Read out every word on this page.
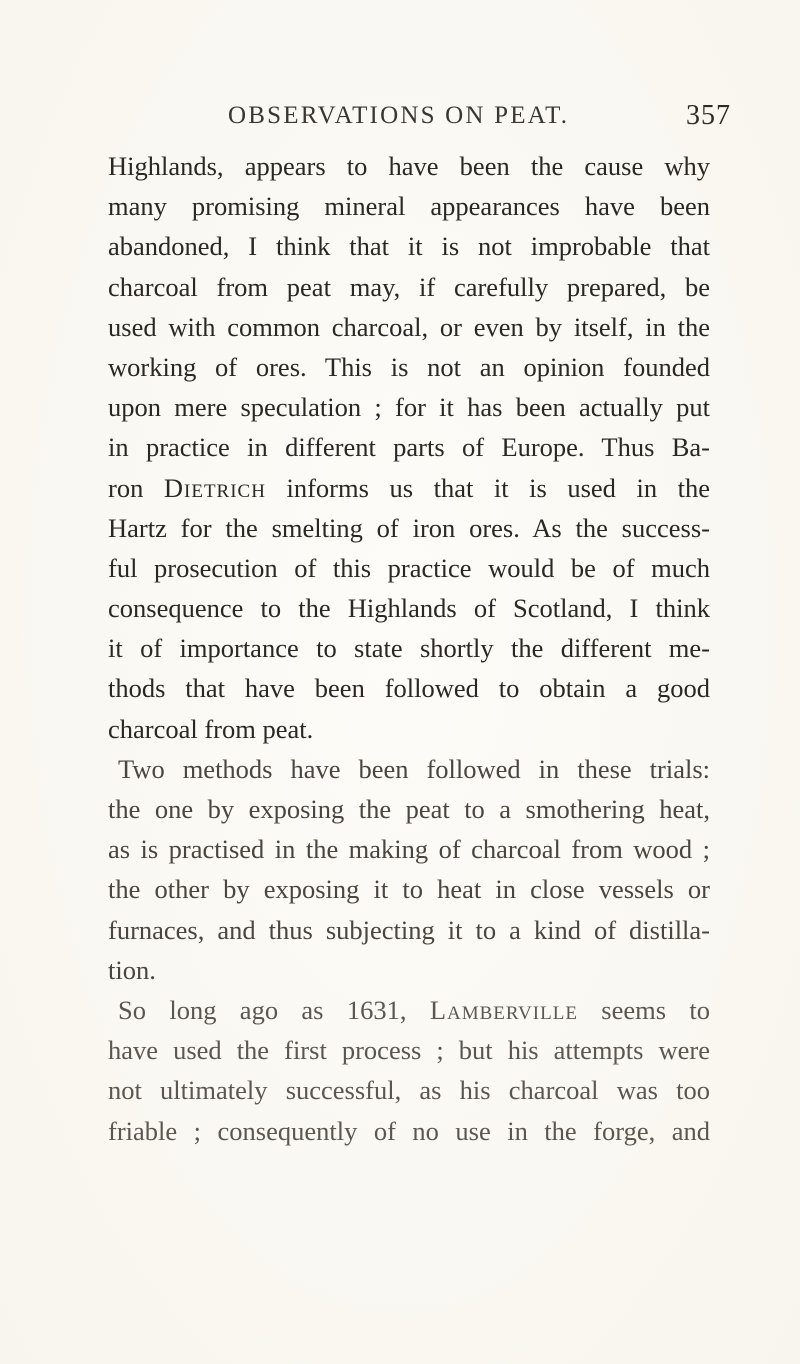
OBSERVATIONS ON PEAT.	357
Highlands, appears to have been the cause why
many promising mineral appearances have been
abandoned, I think that it is not improbable that
charcoal from peat may, if carefully prepared, be
used with common charcoal, or even by itself, in the
working of ores. This is not an opinion founded
upon mere speculation ; for it has been actually put
in practice in different parts of Europe. Thus Ba-
ron Dietrich informs us that it is used in the
Hartz for the smelting of iron ores. As the success-
ful prosecution of this practice would be of much
consequence to the Highlands of Scotland, I think
it of importance to state shortly the different me-
thods that have been followed to obtain a good
charcoal from peat.
Two methods have been followed in these trials:
the one by exposing the peat to a smothering heat,
as is practised in the making of charcoal from wood ;
the other by exposing it to heat in close vessels or
furnaces, and thus subjecting it to a kind of distilla-
tion.
So long ago as 1631, Lamberville seems to
have used the first process ; but his attempts were
not ultimately successful, as his charcoal was too
friable ; consequently of no use in the forge, and
